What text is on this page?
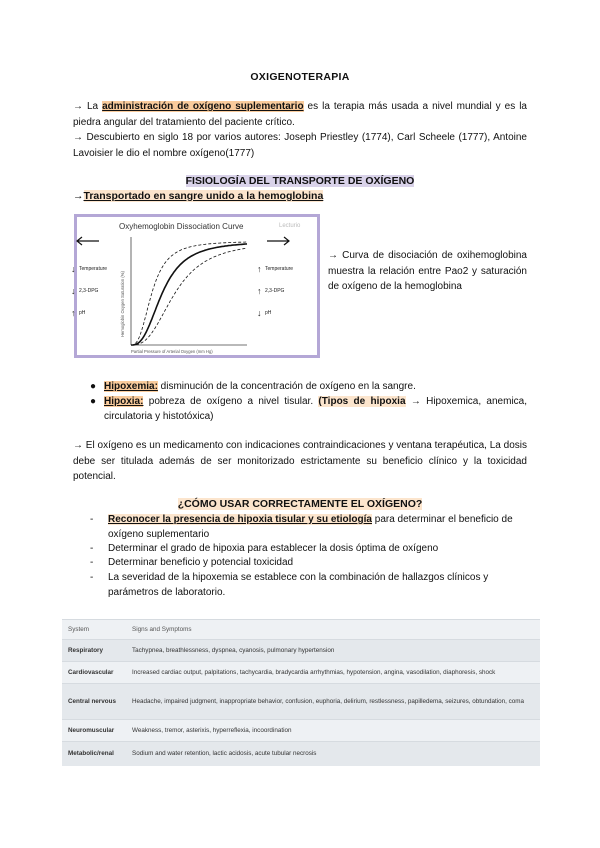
OXIGENOTERAPIA
→ La administración de oxígeno suplementario es la terapia más usada a nivel mundial y es la piedra angular del tratamiento del paciente crítico.
→ Descubierto en siglo 18 por varios autores: Joseph Priestley (1774), Carl Scheele (1777), Antoine Lavoisier le dio el nombre oxígeno(1777)
FISIOLOGÍA DEL TRANSPORTE DE OXÍGENO
→Transportado en sangre unido a la hemoglobina
Oxyhemoglobin Dissociation Curve	Lecturio
↓ Temperature
↓ 2,3-DPG
↑ pH
↑ Temperature
↑ 2,3-DPG
↓ pH
Hemoglobin Oxygen Saturation (%)
Partial Pressure of Arterial Oxygen (mm Hg)
→ Curva de disociación de oxihemoglobina muestra la relación entre Pao2 y saturación de oxígeno de la hemoglobina
● Hipoxemia: disminución de la concentración de oxígeno en la sangre.
● Hipoxia: pobreza de oxígeno a nivel tisular. (Tipos de hipoxia → Hipoxemica, anemica, circulatoria y histotóxica)
→ El oxígeno es un medicamento con indicaciones contraindicaciones y ventana terapéutica, La dosis debe ser titulada además de ser monitorizado estrictamente su beneficio clínico y la toxicidad potencial.
¿CÓMO USAR CORRECTAMENTE EL OXÍGENO?
- Reconocer la presencia de hipoxia tisular y su etiología para determinar el beneficio de oxígeno suplementario
- Determinar el grado de hipoxia para establecer la dosis óptima de oxígeno
- Determinar beneficio y potencial toxicidad
- La severidad de la hipoxemia se establece con la combinación de hallazgos clínicos y parámetros de laboratorio.
System	Signs and Symptoms
Respiratory	Tachypnea, breathlessness, dyspnea, cyanosis, pulmonary hypertension
Cardiovascular	Increased cardiac output, palpitations, tachycardia, bradycardia arrhythmias, hypotension, angina, vasodilation, diaphoresis, shock
Central nervous	Headache, impaired judgment, inappropriate behavior, confusion, euphoria, delirium, restlessness, papilledema, seizures, obtundation, coma
Neuromuscular	Weakness, tremor, asterixis, hyperreflexia, incoordination
Metabolic/renal	Sodium and water retention, lactic acidosis, acute tubular necrosis
